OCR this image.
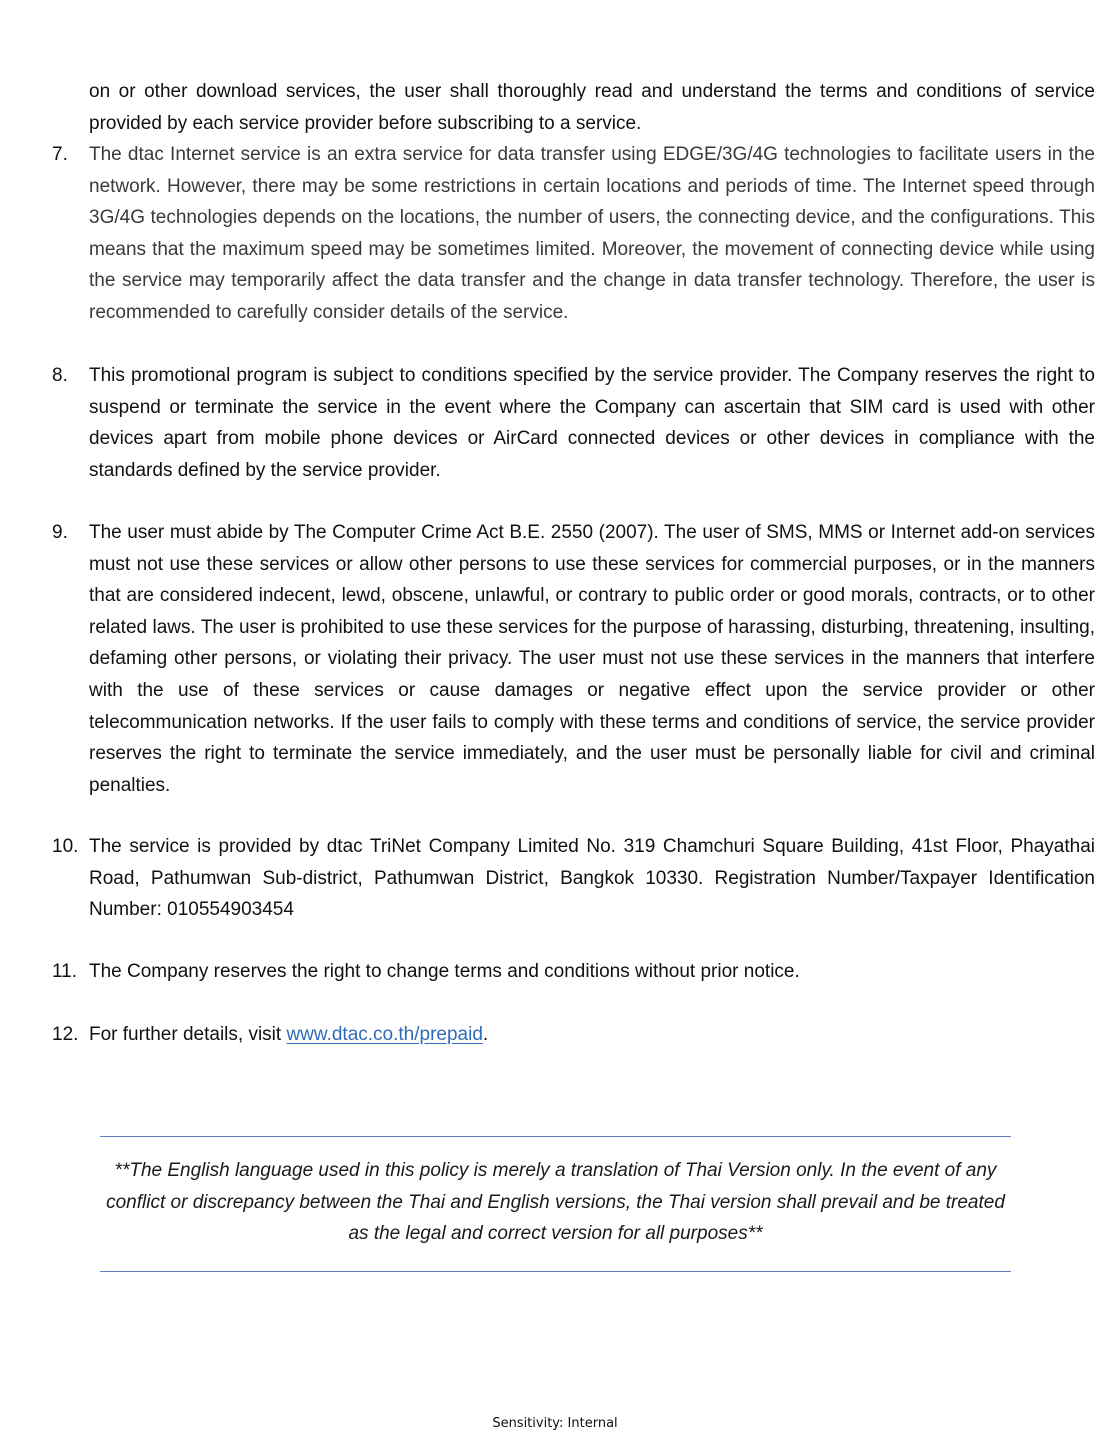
on or other download services, the user shall thoroughly read and understand the terms and conditions of service provided by each service provider before subscribing to a service.

7.	The dtac Internet service is an extra service for data transfer using EDGE/3G/4G technologies to facilitate users in the network. However, there may be some restrictions in certain locations and periods of time. The Internet speed through 3G/4G technologies depends on the locations, the number of users, the connecting device, and the configurations. This means that the maximum speed may be sometimes limited. Moreover, the movement of connecting device while using the service may temporarily affect the data transfer and the change in data transfer technology. Therefore, the user is recommended to carefully consider details of the service.
8.	This promotional program is subject to conditions specified by the service provider. The Company reserves the right to suspend or terminate the service in the event where the Company can ascertain that SIM card is used with other devices apart from mobile phone devices or AirCard connected devices or other devices in compliance with the standards defined by the service provider.
9.	The user must abide by The Computer Crime Act B.E. 2550 (2007). The user of SMS, MMS or Internet add-on services must not use these services or allow other persons to use these services for commercial purposes, or in the manners that are considered indecent, lewd, obscene, unlawful, or contrary to public order or good morals, contracts, or to other related laws. The user is prohibited to use these services for the purpose of harassing, disturbing, threatening, insulting, defaming other persons, or violating their privacy. The user must not use these services in the manners that interfere with the use of these services or cause damages or negative effect upon the service provider or other telecommunication networks. If the user fails to comply with these terms and conditions of service, the service provider reserves the right to terminate the service immediately, and the user must be personally liable for civil and criminal penalties.
10. The service is provided by dtac TriNet Company Limited No. 319 Chamchuri Square Building, 41st Floor, Phayathai Road, Pathumwan Sub-district, Pathumwan District, Bangkok 10330. Registration Number/Taxpayer Identification Number: 010554903454
11. The Company reserves the right to change terms and conditions without prior notice.
12. For further details, visit www.dtac.co.th/prepaid.

**The English language used in this policy is merely a translation of Thai Version only. In the event of any conflict or discrepancy between the Thai and English versions, the Thai version shall prevail and be treated as the legal and correct version for all purposes**

Sensitivity: Internal
